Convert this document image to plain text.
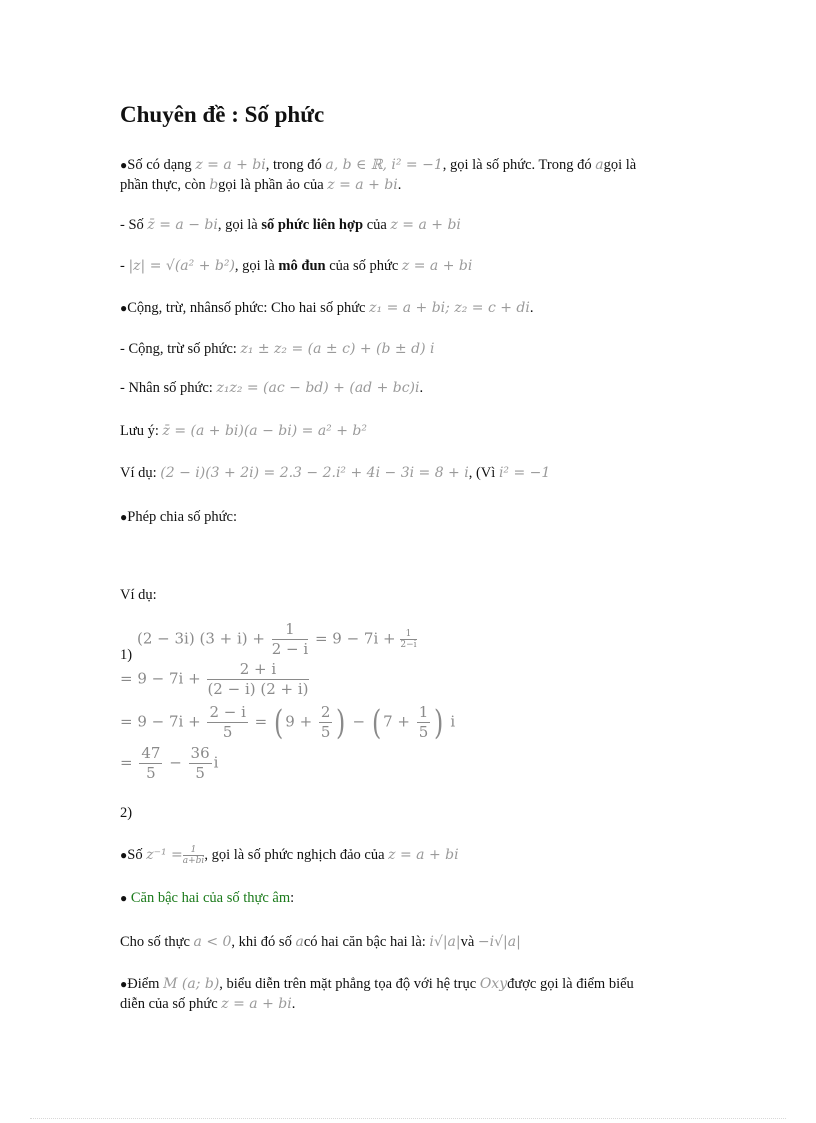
Chuyên đề : Số phức
●Số có dạng z = a + bi, trong đó a, b ∈ ℝ, i² = −1, gọi là số phức. Trong đó agọi là
phần thực, còn bgọi là phần ảo của z = a + bi.
- Số z̄ = a − bi, gọi là số phức liên hợp của z = a + bi
- |z| = √(a² + b²), gọi là mô đun của số phức z = a + bi
●Cộng, trừ, nhânsố phức: Cho hai số phức z₁ = a + bi; z₂ = c + di.
- Cộng, trừ số phức: z₁ ± z₂ = (a ± c) + (b ± d) i
- Nhân số phức: z₁z₂ = (ac − bd) + (ad + bc)i.
Lưu ý: z̄ = (a + bi)(a − bi) = a² + b²
Ví dụ: (2 − i)(3 + 2i) = 2.3 − 2.i² + 4i − 3i = 8 + i, (Vì i² = −1
●Phép chia số phức:
Ví dụ:
1)
(2 − 3i) $(3 + i) + \frac{1}{2 - i} = 9 - 7i + \frac{1}{2-i}$
= $9 - 7i + \frac{2 + i}{(2 - i) (2 + i)}$
= $9 - 7i + \frac{2 - i}{5}$ = ( $9 + \frac{2}{5}$ ) − ( $7 + \frac{1}{5}$ ) i
= $\frac{47}{5} - \frac{36}{5}$ i
2)
●Số $z^{-1} = \frac{1}{a+bi}$ , gọi là số phức nghịch đảo của z = a + bi
● Căn bậc hai của số thực âm:
Cho số thực a < 0, khi đó số acó hai căn bậc hai là: i√|a|và −i√|a|
●Điểm M (a; b), biểu diễn trên mặt phẳng tọa độ với hệ trục Oxyđược gọi là điểm biểu
diễn của số phức z = a + bi.
